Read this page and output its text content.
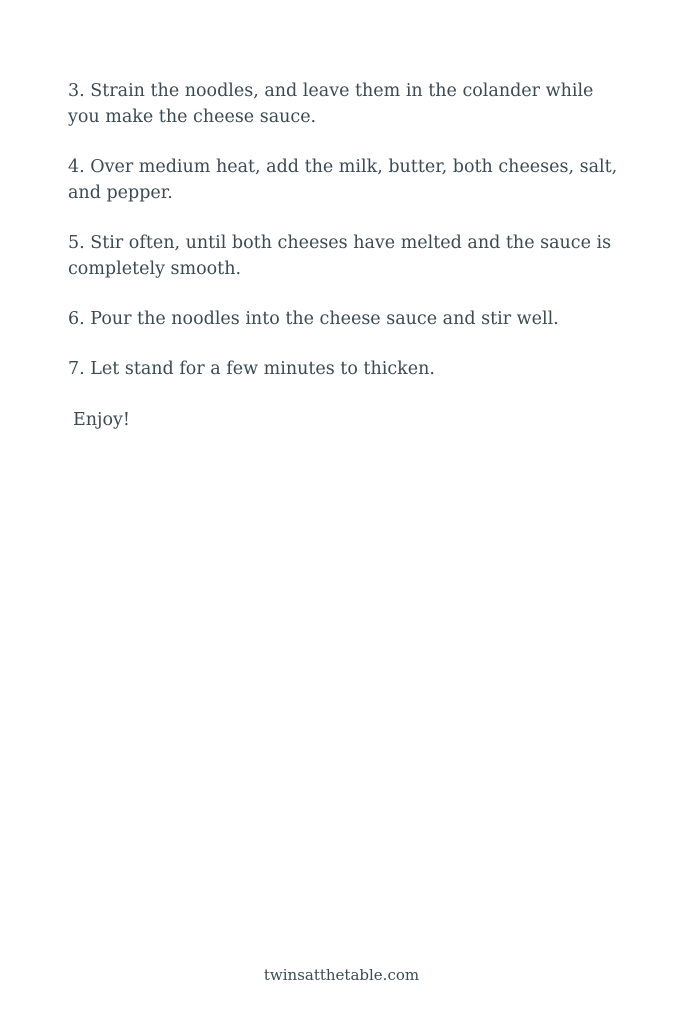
3. Strain the noodles, and leave them in the colander while you make the cheese sauce.
4. Over medium heat, add the milk, butter, both cheeses, salt, and pepper.
5. Stir often, until both cheeses have melted and the sauce is completely smooth.
6. Pour the noodles into the cheese sauce and stir well.
7. Let stand for a few minutes to thicken.

Enjoy!

twinsatthetable.com
